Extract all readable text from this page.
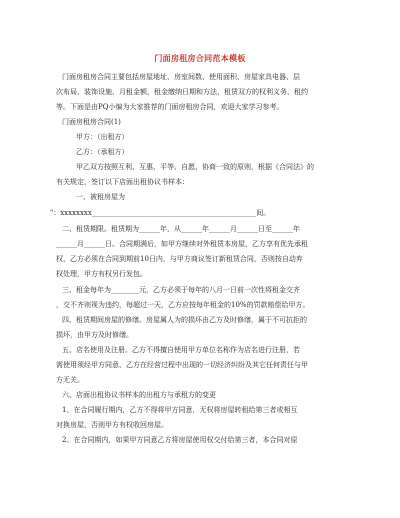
门面房租房合同范本模板
门面房租房合同主要包括房屋地址、房室间数、使用面积、房屋家具电器、层
次布局、装饰设施、月租金额，租金缴纳日期和方法、租赁双方的权利义务、租约
等。下面是由PQ小编为大家推荐的门面房租房合同，欢迎大家学习参考。
门面房租房合同(1)
甲方：（出租方）
乙方：（承租方）
甲乙双方按照互利、互惠、平等、自愿、协商一致的原则，根据《合同法》的
有关规定，签订以下店面出租协议书样本：
一、被租房屋为
"：xxxxxxxx_______________________________________________间。
二、租赁期限。租赁期为______年，从______年______月______日至______年
______月______日。合同期满后，如甲方继续对外租赁本房屋，乙方享有优先承租
权，乙方必须在合同到期前10日内，与甲方商议签订新租赁合同，否则按自动弃
权处理，甲方有权另行发包。
三、租金每年为________元，乙方必须于每年的八月一日前一次性将租金交齐
，交不齐则视为违约，每超过一天，乙方应按每年租金的10%的罚款赔偿给甲方。
四、租赁期间房屋的修缮。房屋属人为的损坏由乙方及时修缮，属于不可抗拒的
损坏，由甲方及时修缮。
五、店名使用及注册。乙方不得擅自使用甲方单位名称作为店名进行注册，若
需使用须经甲方同意，乙方在经营过程中出现的一切经济纠纷及其它任何责任与甲
方无关。
六、店面出租协议书样本的出租方与承租方的变更
1、在合同履行期内，乙方不得将甲方同意，无权将房屋转租给第三者或相互
对换房屋，否则甲方有权收回房屋。
2、在合同期内，如果甲方同意乙方将房屋使用权交付给第三者，本合同对原
